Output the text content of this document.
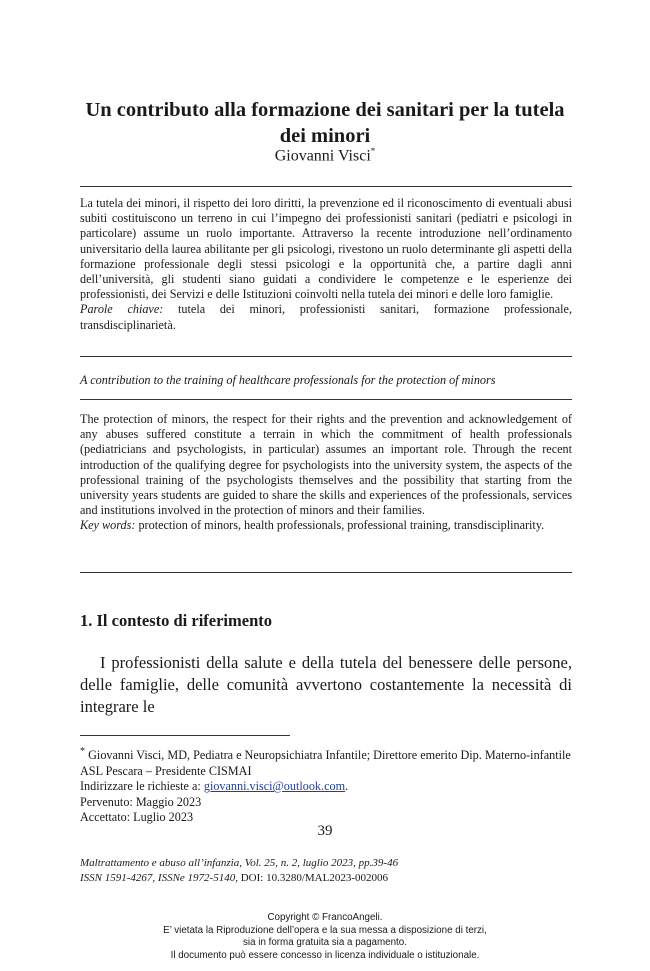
Un contributo alla formazione dei sanitari per la tutela
dei minori
Giovanni Visci*
La tutela dei minori, il rispetto dei loro diritti, la prevenzione ed il riconoscimento di eventuali abusi subiti costituiscono un terreno in cui l’impegno dei professionisti sanitari (pediatri e psicologi in particolare) assume un ruolo importante. Attraverso la recente introduzione nell’ordinamento universitario della laurea abilitante per gli psicologi, rivestono un ruolo determinante gli aspetti della formazione professionale degli stessi psicologi e la opportunità che, a partire dagli anni dell’università, gli studenti siano guidati a condividere le competenze e le esperienze dei professionisti, dei Servizi e delle Istituzioni coinvolti nella tutela dei minori e delle loro famiglie.
Parole chiave: tutela dei minori, professionisti sanitari, formazione professionale, transdisciplinarietà.
A contribution to the training of healthcare professionals for the protection of minors
The protection of minors, the respect for their rights and the prevention and acknowledgement of any abuses suffered constitute a terrain in which the commitment of health professionals (pediatricians and psychologists, in particular) assumes an important role. Through the recent introduction of the qualifying degree for psychologists into the university system, the aspects of the professional training of the psychologists themselves and the possibility that starting from the university years students are guided to share the skills and experiences of the professionals, services and institutions involved in the protection of minors and their families.
Key words: protection of minors, health professionals, professional training, transdisciplinarity.
1. Il contesto di riferimento
I professionisti della salute e della tutela del benessere delle persone, delle famiglie, delle comunità avvertono costantemente la necessità di integrare le
* Giovanni Visci, MD, Pediatra e Neuropsichiatra Infantile; Direttore emerito Dip. Materno-infantile ASL Pescara – Presidente CISMAI
Indirizzare le richieste a: giovanni.visci@outlook.com.
Pervenuto: Maggio 2023
Accettato: Luglio 2023
39
Maltrattamento e abuso all’infanzia, Vol. 25, n. 2, luglio 2023, pp.39-46
ISSN 1591-4267, ISSNe 1972-5140, DOI: 10.3280/MAL2023-002006
Copyright © FrancoAngeli.
E’ vietata la Riproduzione dell’opera e la sua messa a disposizione di terzi,
sia in forma gratuita sia a pagamento.
Il documento può essere concesso in licenza individuale o istituzionale.
